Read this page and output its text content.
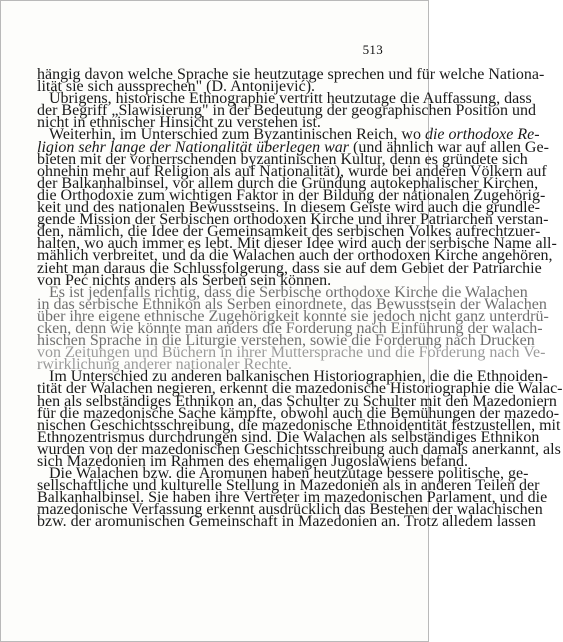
513
hängig davon welche Sprache sie heutzutage sprechen und für welche Nationa-
lität sie sich aussprechen" (D. Antonijević).
Übrigens, historische Ethnographie vertritt heutzutage die Auffassung, dass
der Begriff „Slawisierung" in der Bedeutung der geographischen Position und
nicht in ethnischer Hinsicht zu verstehen ist.
Weiterhin, im Unterschied zum Byzantinischen Reich, wo die orthodoxe Re-
ligion sehr lange der Nationalität überlegen war (und ähnlich war auf allen Ge-
bieten mit der vorherrschenden byzantinischen Kultur, denn es gründete sich
ohnehin mehr auf Religion als auf Nationalität), wurde bei anderen Völkern auf
der Balkanhalbinsel, vor allem durch die Gründung autokephalischer Kirchen,
die Orthodoxie zum wichtigen Faktor in der Bildung der nationalen Zugehörig-
keit und des nationalen Bewusstseins. In diesem Geiste wird auch die grundle-
gende Mission der Serbischen orthodoxen Kirche und ihrer Patriarchen verstan-
den, nämlich, die Idee der Gemeinsamkeit des serbischen Volkes aufrechtzuer-
halten, wo auch immer es lebt. Mit dieser Idee wird auch der serbische Name all-
mählich verbreitet, und da die Walachen auch der orthodoxen Kirche angehören,
zieht man daraus die Schlussfolgerung, dass sie auf dem Gebiet der Patriarchie
von Peć nichts anders als Serben sein können.
Es ist jedenfalls richtig, dass die Serbische orthodoxe Kirche die Walachen
in das serbische Ethnikon als Serben einordnete, das Bewusstsein der Walachen
über ihre eigene ethnische Zugehörigkeit konnte sie jedoch nicht ganz unterdrü-
cken, denn wie könnte man anders die Forderung nach Einführung der walach-
hischen Sprache in die Liturgie verstehen, sowie die Forderung nach Drucken
von Zeitungen und Büchern in ihrer Muttersprache und die Forderung nach Ve-
rwirklichung anderer nationaler Rechte.
Im Unterschied zu anderen balkanischen Historiographien, die die Ethnoiden-
tität der Walachen negieren, erkennt die mazedonische Historiographie die Walac-
hen als selbständiges Ethnikon an, das Schulter zu Schulter mit den Mazedoniern
für die mazedonische Sache kämpfte, obwohl auch die Bemühungen der mazedo-
nischen Geschichtsschreibung, die mazedonische Ethnoidentität festzustellen, mit
Ethnozentrismus durchdrungen sind. Die Walachen als selbständiges Ethnikon
wurden von der mazedonischen Geschichtsschreibung auch damals anerkannt, als
sich Mazedonien im Rahmen des ehemaligen Jugoslawiens befand.
Die Walachen bzw. die Aromunen haben heutzutage bessere politische, ge-
sellschaftliche und kulturelle Stellung in Mazedonien als in anderen Teilen der
Balkanhalbinsel. Sie haben ihre Vertreter im mazedonischen Parlament, und die
mazedonische Verfassung erkennt ausdrücklich das Bestehen der walachischen
bzw. der aromunischen Gemeinschaft in Mazedonien an. Trotz alledem lassen
